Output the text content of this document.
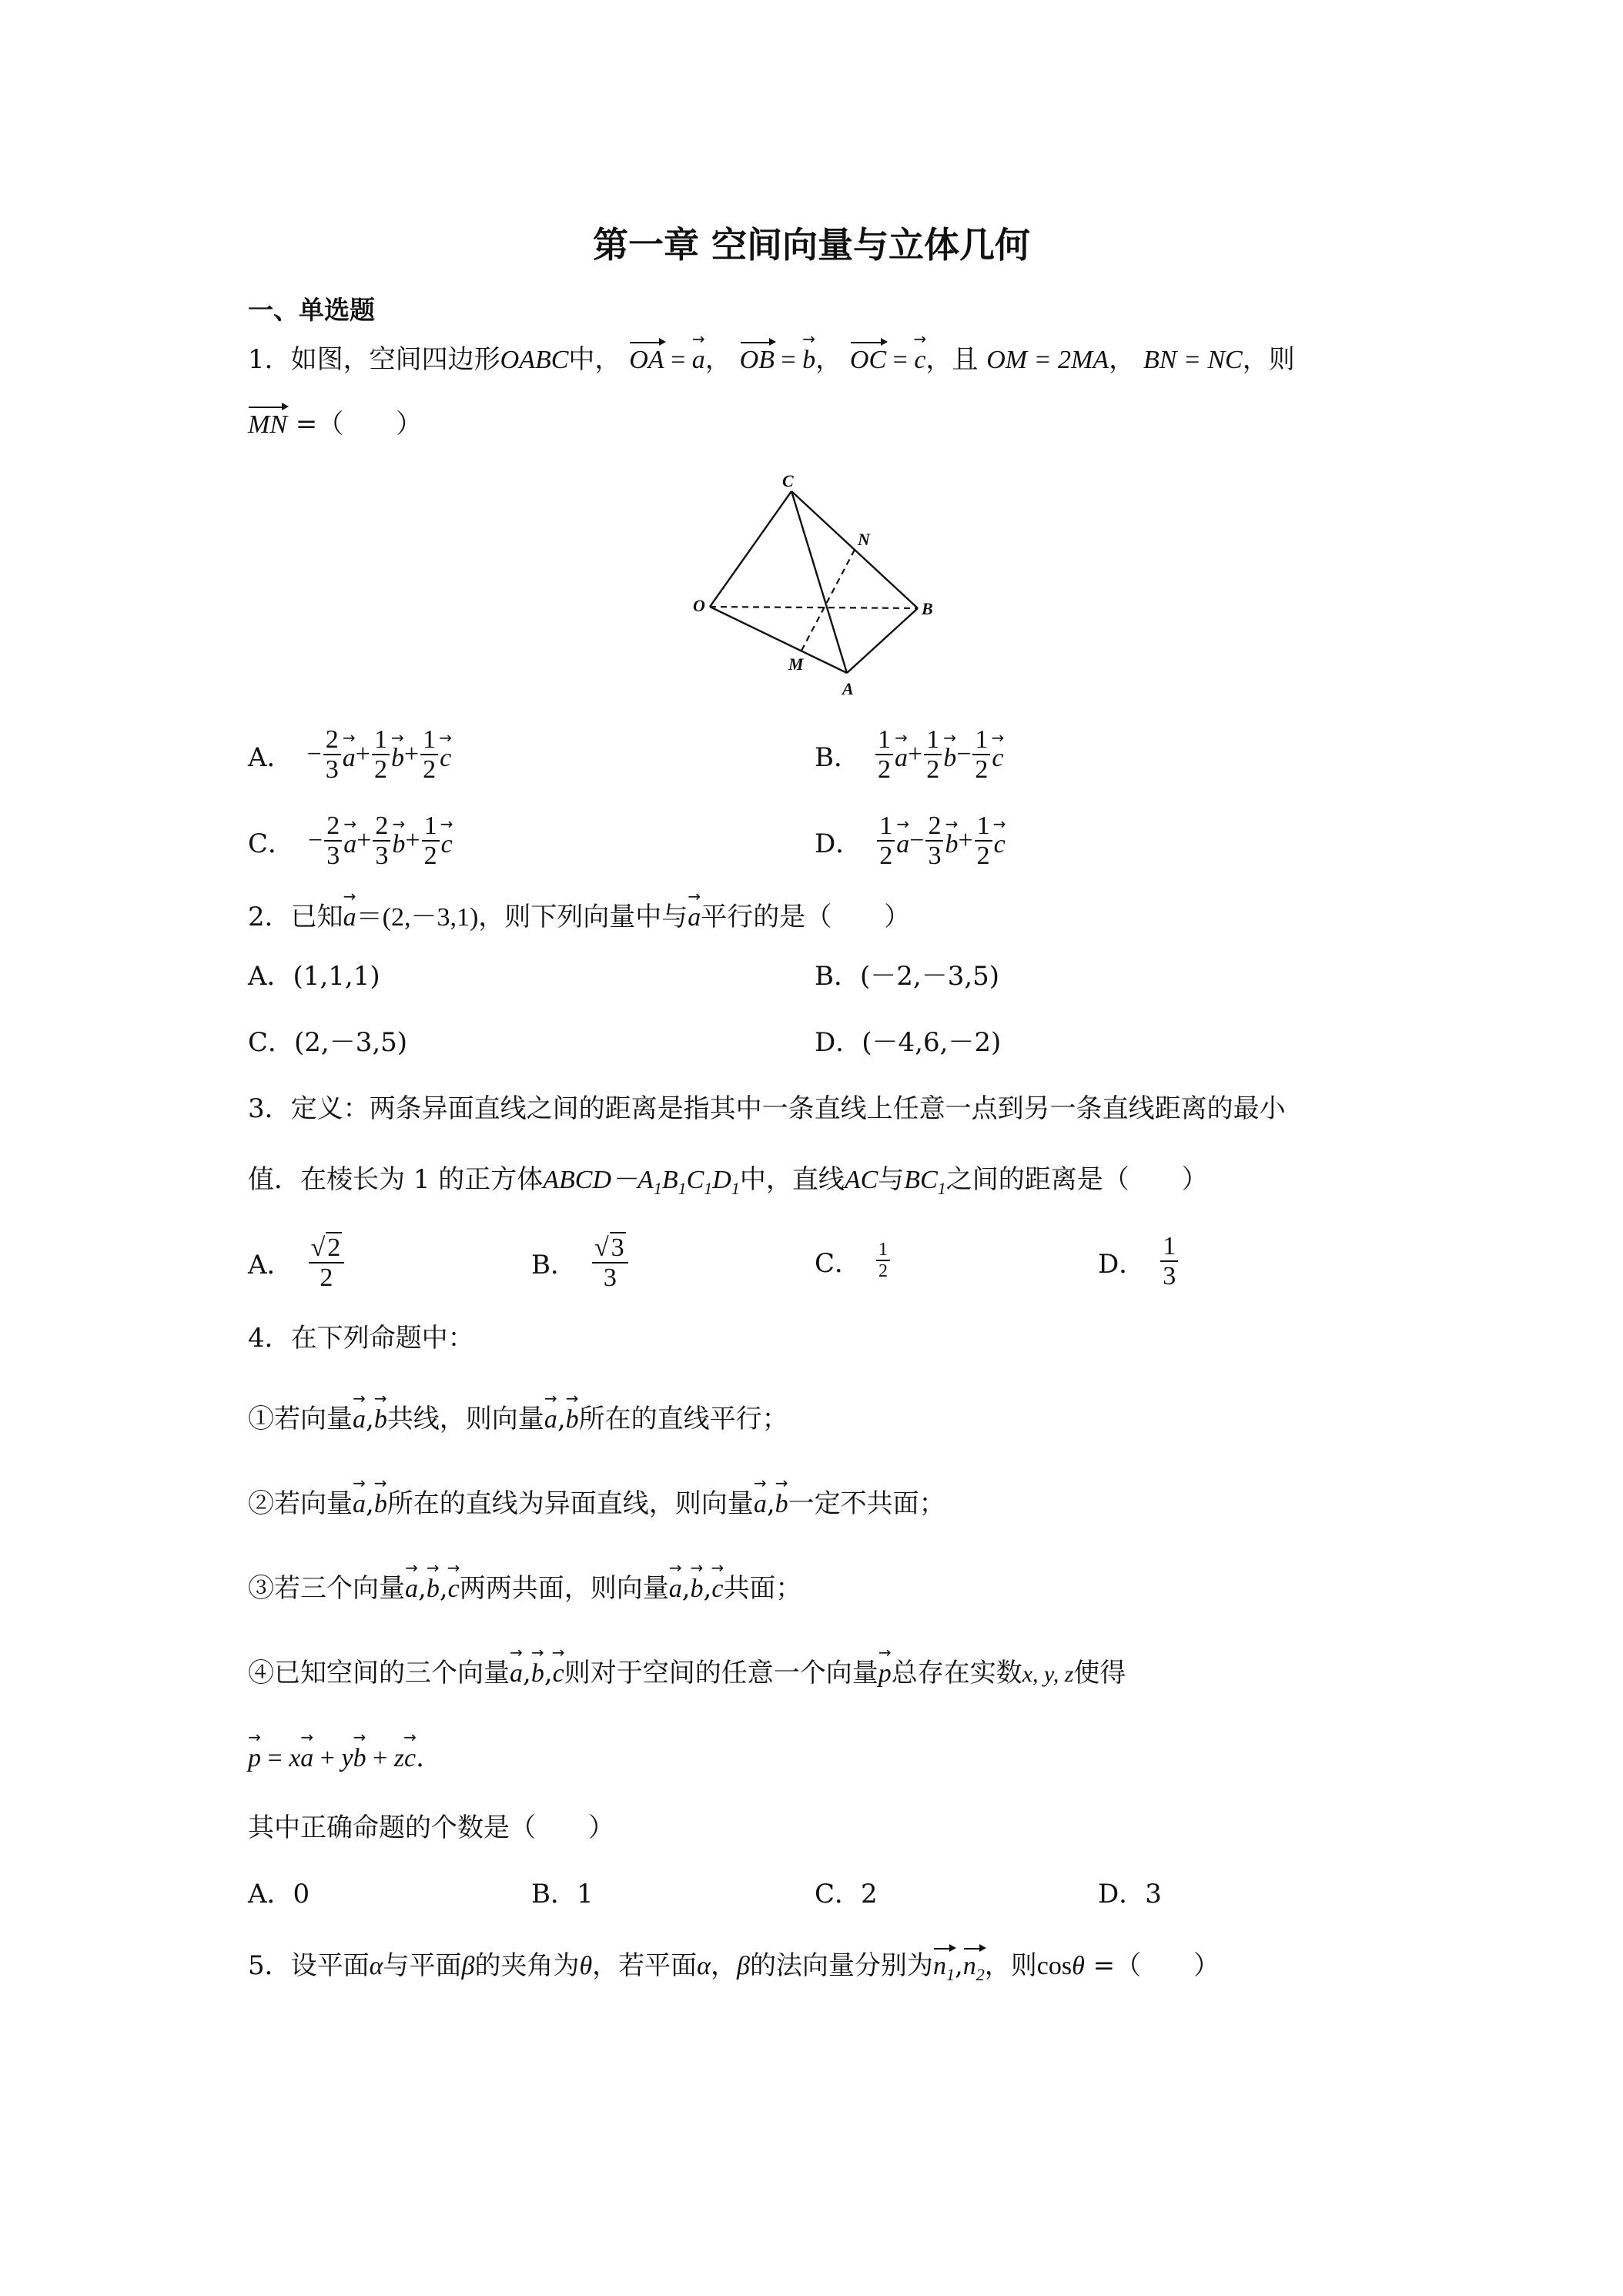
第一章 空间向量与立体几何
一、单选题
1．如图，空间四边形OABC中， OA = a →， OB = b →， OC = c →，且 OM = 2MA， BN = NC，则
MN =（　　）
C
N
O	B
M
A
A． − $\frac{2}{3}$ a → + $\frac{1}{2}$ b → + $\frac{1}{2}$ c →	B． $\frac{1}{2}$ a → + $\frac{1}{2}$ b → − $\frac{1}{2}$ c →
C． − $\frac{2}{3}$ a → + $\frac{2}{3}$ b → + $\frac{1}{2}$ c →	D． $\frac{1}{2}$ a → − $\frac{2}{3}$ b → + $\frac{1}{2}$ c →
2．已知a →＝(2,－3,1)，则下列向量中与a →平行的是（　　）
A．(1,1,1)	B．(－2,－3,5)
C．(2,－3,5)	D．(－4,6,－2)
3．定义：两条异面直线之间的距离是指其中一条直线上任意一点到另一条直线距离的最小
值．在棱长为 1 的正方体$ABCD-A_1B_1C_1D_1$中，直线AC与$BC_1$之间的距离是（　　）
A． $\frac{√2}{2}$	B． $\frac{√3}{3}$	C． $\frac{1}{2}$	D． $\frac{1}{3}$
4．在下列命题中：
①若向量a →,b →共线，则向量a →,b →所在的直线平行；
②若向量a →,b →所在的直线为异面直线，则向量a →,b →一定不共面；
③若三个向量a →,b →,c →两两共面，则向量a →,b →,c →共面；
④已知空间的三个向量a →,b →,c →则对于空间的任意一个向量p →总存在实数x, y, z使得
p → = xa → + yb → + zc →.
其中正确命题的个数是（　　）
A．0	B．1	C．2	D．3
5．设平面α与平面β的夹角为θ，若平面α，β的法向量分别为$n_1,n_2$，则cosθ =（　　）
